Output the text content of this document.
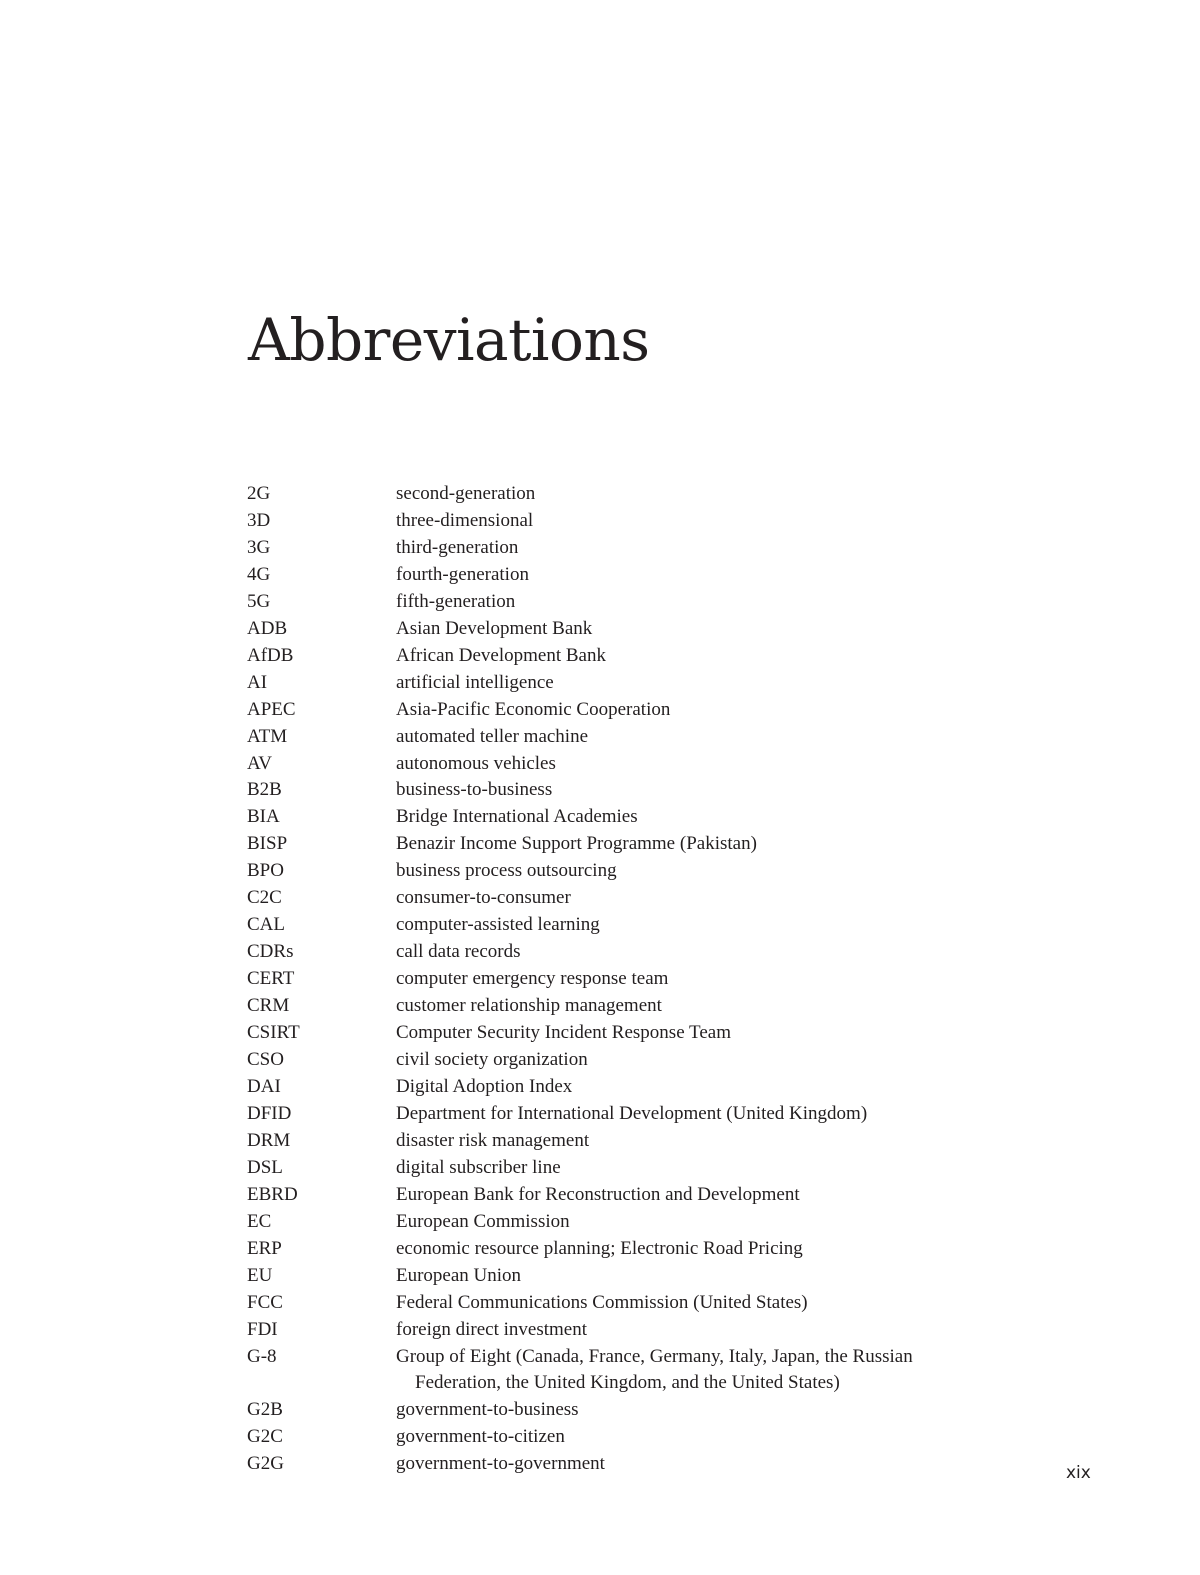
Abbreviations
2G	second-generation
3D	three-dimensional
3G	third-generation
4G	fourth-generation
5G	fifth-generation
ADB	Asian Development Bank
AfDB	African Development Bank
AI	artificial intelligence
APEC	Asia-Pacific Economic Cooperation
ATM	automated teller machine
AV	autonomous vehicles
B2B	business-to-business
BIA	Bridge International Academies
BISP	Benazir Income Support Programme (Pakistan)
BPO	business process outsourcing
C2C	consumer-to-consumer
CAL	computer-assisted learning
CDRs	call data records
CERT	computer emergency response team
CRM	customer relationship management
CSIRT	Computer Security Incident Response Team
CSO	civil society organization
DAI	Digital Adoption Index
DFID	Department for International Development (United Kingdom)
DRM	disaster risk management
DSL	digital subscriber line
EBRD	European Bank for Reconstruction and Development
EC	European Commission
ERP	economic resource planning; Electronic Road Pricing
EU	European Union
FCC	Federal Communications Commission (United States)
FDI	foreign direct investment
G-8	Group of Eight (Canada, France, Germany, Italy, Japan, the Russian Federation, the United Kingdom, and the United States)
G2B	government-to-business
G2C	government-to-citizen
G2G	government-to-government	xix
